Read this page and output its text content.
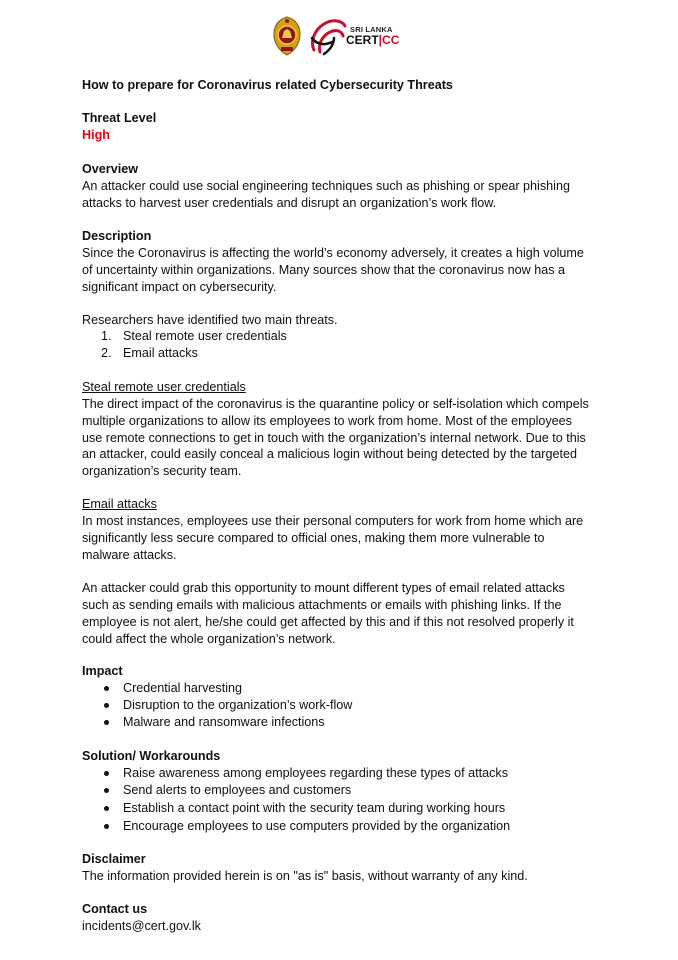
SRI LANKA
CERT|CC
How to prepare for Coronavirus related Cybersecurity Threats
Threat Level
High
Overview
An attacker could use social engineering techniques such as phishing or spear phishing
attacks to harvest user credentials and disrupt an organization’s work flow.
Description
Since the Coronavirus is affecting the world’s economy adversely, it creates a high volume
of uncertainty within organizations. Many sources show that the coronavirus now has a
significant impact on cybersecurity.
Researchers have identified two main threats.
1. Steal remote user credentials
2. Email attacks
Steal remote user credentials
The direct impact of the coronavirus is the quarantine policy or self-isolation which compels
multiple organizations to allow its employees to work from home. Most of the employees
use remote connections to get in touch with the organization’s internal network. Due to this
an attacker, could easily conceal a malicious login without being detected by the targeted
organization’s security team.
Email attacks
In most instances, employees use their personal computers for work from home which are
significantly less secure compared to official ones, making them more vulnerable to
malware attacks.
An attacker could grab this opportunity to mount different types of email related attacks
such as sending emails with malicious attachments or emails with phishing links. If the
employee is not alert, he/she could get affected by this and if this not resolved properly it
could affect the whole organization’s network.
Impact
Credential harvesting
Disruption to the organization’s work-flow
Malware and ransomware infections
Solution/ Workarounds
Raise awareness among employees regarding these types of attacks
Send alerts to employees and customers
Establish a contact point with the security team during working hours
Encourage employees to use computers provided by the organization
Disclaimer
The information provided herein is on "as is" basis, without warranty of any kind.
Contact us
incidents@cert.gov.lk
